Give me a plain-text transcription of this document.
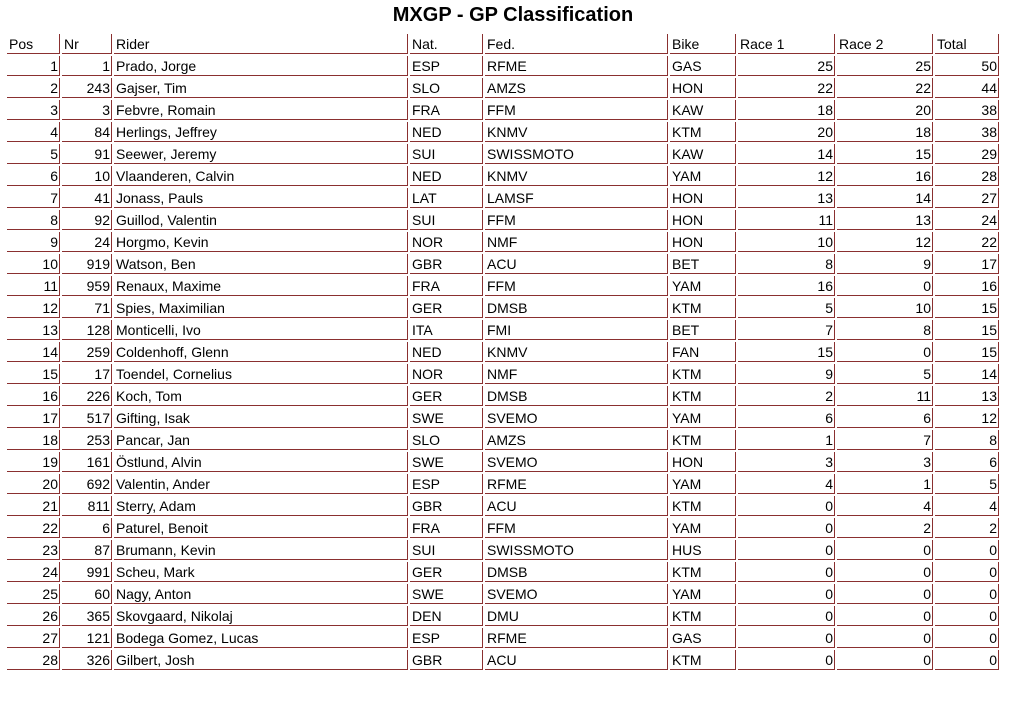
MXGP - GP Classification
Pos	Nr	Rider	Nat.	Fed.	Bike	Race 1	Race 2	Total
1	1	Prado, Jorge	ESP	RFME	GAS	25	25	50
2	243	Gajser, Tim	SLO	AMZS	HON	22	22	44
3	3	Febvre, Romain	FRA	FFM	KAW	18	20	38
4	84	Herlings, Jeffrey	NED	KNMV	KTM	20	18	38
5	91	Seewer, Jeremy	SUI	SWISSMOTO	KAW	14	15	29
6	10	Vlaanderen, Calvin	NED	KNMV	YAM	12	16	28
7	41	Jonass, Pauls	LAT	LAMSF	HON	13	14	27
8	92	Guillod, Valentin	SUI	FFM	HON	11	13	24
9	24	Horgmo, Kevin	NOR	NMF	HON	10	12	22
10	919	Watson, Ben	GBR	ACU	BET	8	9	17
11	959	Renaux, Maxime	FRA	FFM	YAM	16	0	16
12	71	Spies, Maximilian	GER	DMSB	KTM	5	10	15
13	128	Monticelli, Ivo	ITA	FMI	BET	7	8	15
14	259	Coldenhoff, Glenn	NED	KNMV	FAN	15	0	15
15	17	Toendel, Cornelius	NOR	NMF	KTM	9	5	14
16	226	Koch, Tom	GER	DMSB	KTM	2	11	13
17	517	Gifting, Isak	SWE	SVEMO	YAM	6	6	12
18	253	Pancar, Jan	SLO	AMZS	KTM	1	7	8
19	161	Östlund, Alvin	SWE	SVEMO	HON	3	3	6
20	692	Valentin, Ander	ESP	RFME	YAM	4	1	5
21	811	Sterry, Adam	GBR	ACU	KTM	0	4	4
22	6	Paturel, Benoit	FRA	FFM	YAM	0	2	2
23	87	Brumann, Kevin	SUI	SWISSMOTO	HUS	0	0	0
24	991	Scheu, Mark	GER	DMSB	KTM	0	0	0
25	60	Nagy, Anton	SWE	SVEMO	YAM	0	0	0
26	365	Skovgaard, Nikolaj	DEN	DMU	KTM	0	0	0
27	121	Bodega Gomez, Lucas	ESP	RFME	GAS	0	0	0
28	326	Gilbert, Josh	GBR	ACU	KTM	0	0	0
